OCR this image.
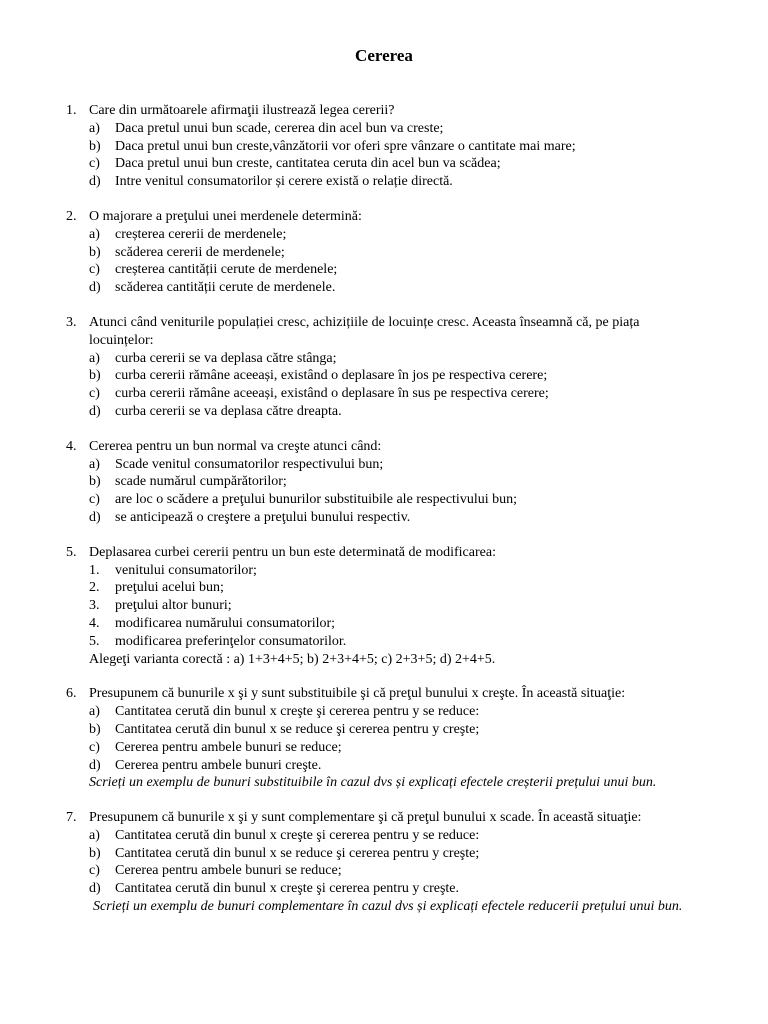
Cererea
1. Care din următoarele afirmaţii ilustrează legea cererii?
a) Daca pretul unui bun scade, cererea din acel bun va creste;
b) Daca pretul unui bun creste,vânzătorii vor oferi spre vânzare o cantitate mai mare;
c) Daca pretul unui bun creste, cantitatea ceruta din acel bun va scădea;
d) Intre venitul consumatorilor și cerere există o relație directă.
2. O majorare a preţului unei merdenele determină:
a) creșterea cererii de merdenele;
b) scăderea cererii de merdenele;
c) creșterea cantității cerute de merdenele;
d) scăderea cantității cerute de merdenele.
3. Atunci când veniturile populației cresc, achizițiile de locuințe cresc. Aceasta înseamnă că, pe piața locuințelor:
a) curba cererii se va deplasa către stânga;
b) curba cererii rămâne aceeași, existând o deplasare în jos pe respectiva cerere;
c) curba cererii rămâne aceeași, existând o deplasare în sus pe respectiva cerere;
d) curba cererii se va deplasa către dreapta.
4. Cererea pentru un bun normal va creşte atunci când:
a) Scade venitul consumatorilor respectivului bun;
b) scade numărul cumpărătorilor;
c) are loc o scădere a preţului bunurilor substituibile ale respectivului bun;
d) se anticipează o creştere a preţului bunului respectiv.
5. Deplasarea curbei cererii pentru un bun este determinată de modificarea:
1. venitului consumatorilor;
2. preţului acelui bun;
3. preţului altor bunuri;
4. modificarea numărului consumatorilor;
5. modificarea preferinţelor consumatorilor.
Alegeţi varianta corectă : a) 1+3+4+5; b) 2+3+4+5; c) 2+3+5; d) 2+4+5.
6. Presupunem că bunurile x şi y sunt substituibile şi că preţul bunului x creşte. În această situaţie:
a) Cantitatea cerută din bunul x creşte şi cererea pentru y se reduce:
b) Cantitatea cerută din bunul x se reduce şi cererea pentru y creşte;
c) Cererea pentru ambele bunuri se reduce;
d) Cererea pentru ambele bunuri creşte.
Scrieți un exemplu de bunuri substituibile în cazul dvs și explicați efectele creșterii prețului unui bun.
7. Presupunem că bunurile x şi y sunt complementare şi că preţul bunului x scade. În această situaţie:
a) Cantitatea cerută din bunul x creşte şi cererea pentru y se reduce:
b) Cantitatea cerută din bunul x se reduce şi cererea pentru y creşte;
c) Cererea pentru ambele bunuri se reduce;
d) Cantitatea cerută din bunul x creşte şi cererea pentru y creşte.
Scrieți un exemplu de bunuri complementare în cazul dvs și explicați efectele reducerii prețului unui bun.
